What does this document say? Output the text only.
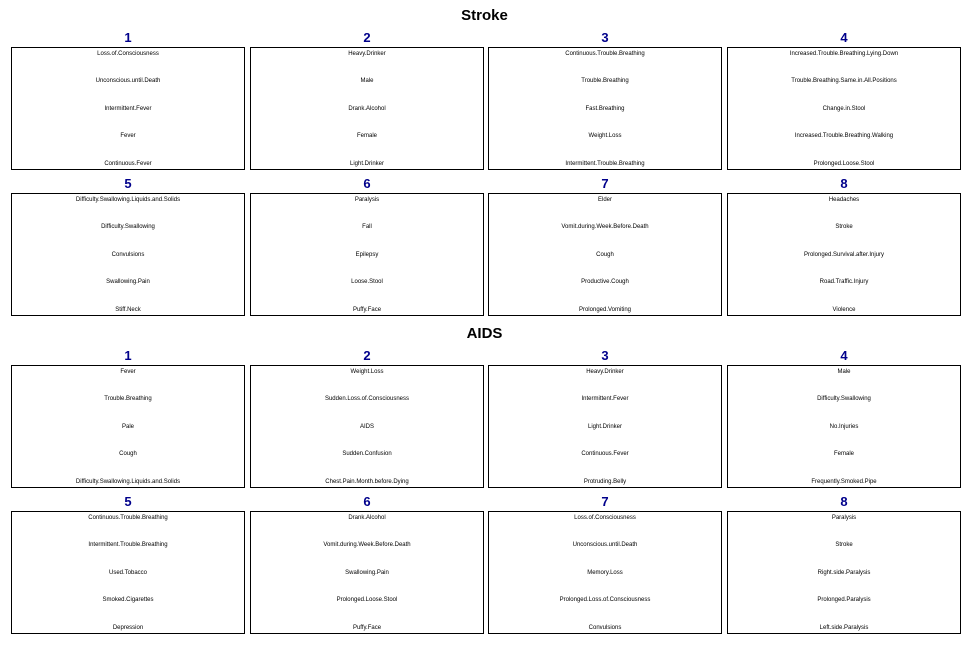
Stroke
1
Loss.of.Consciousness
Unconscious.until.Death
Intermittent.Fever
Fever
Continuous.Fever
2
Heavy.Drinker
Male
Drank.Alcohol
Female
Light.Drinker
3
Continuous.Trouble.Breathing
Trouble.Breathing
Fast.Breathing
Weight.Loss
Intermittent.Trouble.Breathing
4
Increased.Trouble.Breathing.Lying.Down
Trouble.Breathing.Same.in.All.Positions
Change.in.Stool
Increased.Trouble.Breathing.Walking
Prolonged.Loose.Stool
5
Difficulty.Swallowing.Liquids.and.Solids
Difficulty.Swallowing
Convulsions
Swallowing.Pain
Stiff.Neck
6
Paralysis
Fall
Epilepsy
Loose.Stool
Puffy.Face
7
Elder
Vomit.during.Week.Before.Death
Cough
Productive.Cough
Prolonged.Vomiting
8
Headaches
Stroke
Prolonged.Survival.after.Injury
Road.Traffic.Injury
Violence
AIDS
1
Fever
Trouble.Breathing
Pale
Cough
Difficulty.Swallowing.Liquids.and.Solids
2
Weight.Loss
Sudden.Loss.of.Consciousness
AIDS
Sudden.Confusion
Chest.Pain.Month.before.Dying
3
Heavy.Drinker
Intermittent.Fever
Light.Drinker
Continuous.Fever
Protruding.Belly
4
Male
Difficulty.Swallowing
No.Injuries
Female
Frequently.Smoked.Pipe
5
Continuous.Trouble.Breathing
Intermittent.Trouble.Breathing
Used.Tobacco
Smoked.Cigarettes
Depression
6
Drank.Alcohol
Vomit.during.Week.Before.Death
Swallowing.Pain
Prolonged.Loose.Stool
Puffy.Face
7
Loss.of.Consciousness
Unconscious.until.Death
Memory.Loss
Prolonged.Loss.of.Consciousness
Convulsions
8
Paralysis
Stroke
Right.side.Paralysis
Prolonged.Paralysis
Left.side.Paralysis
